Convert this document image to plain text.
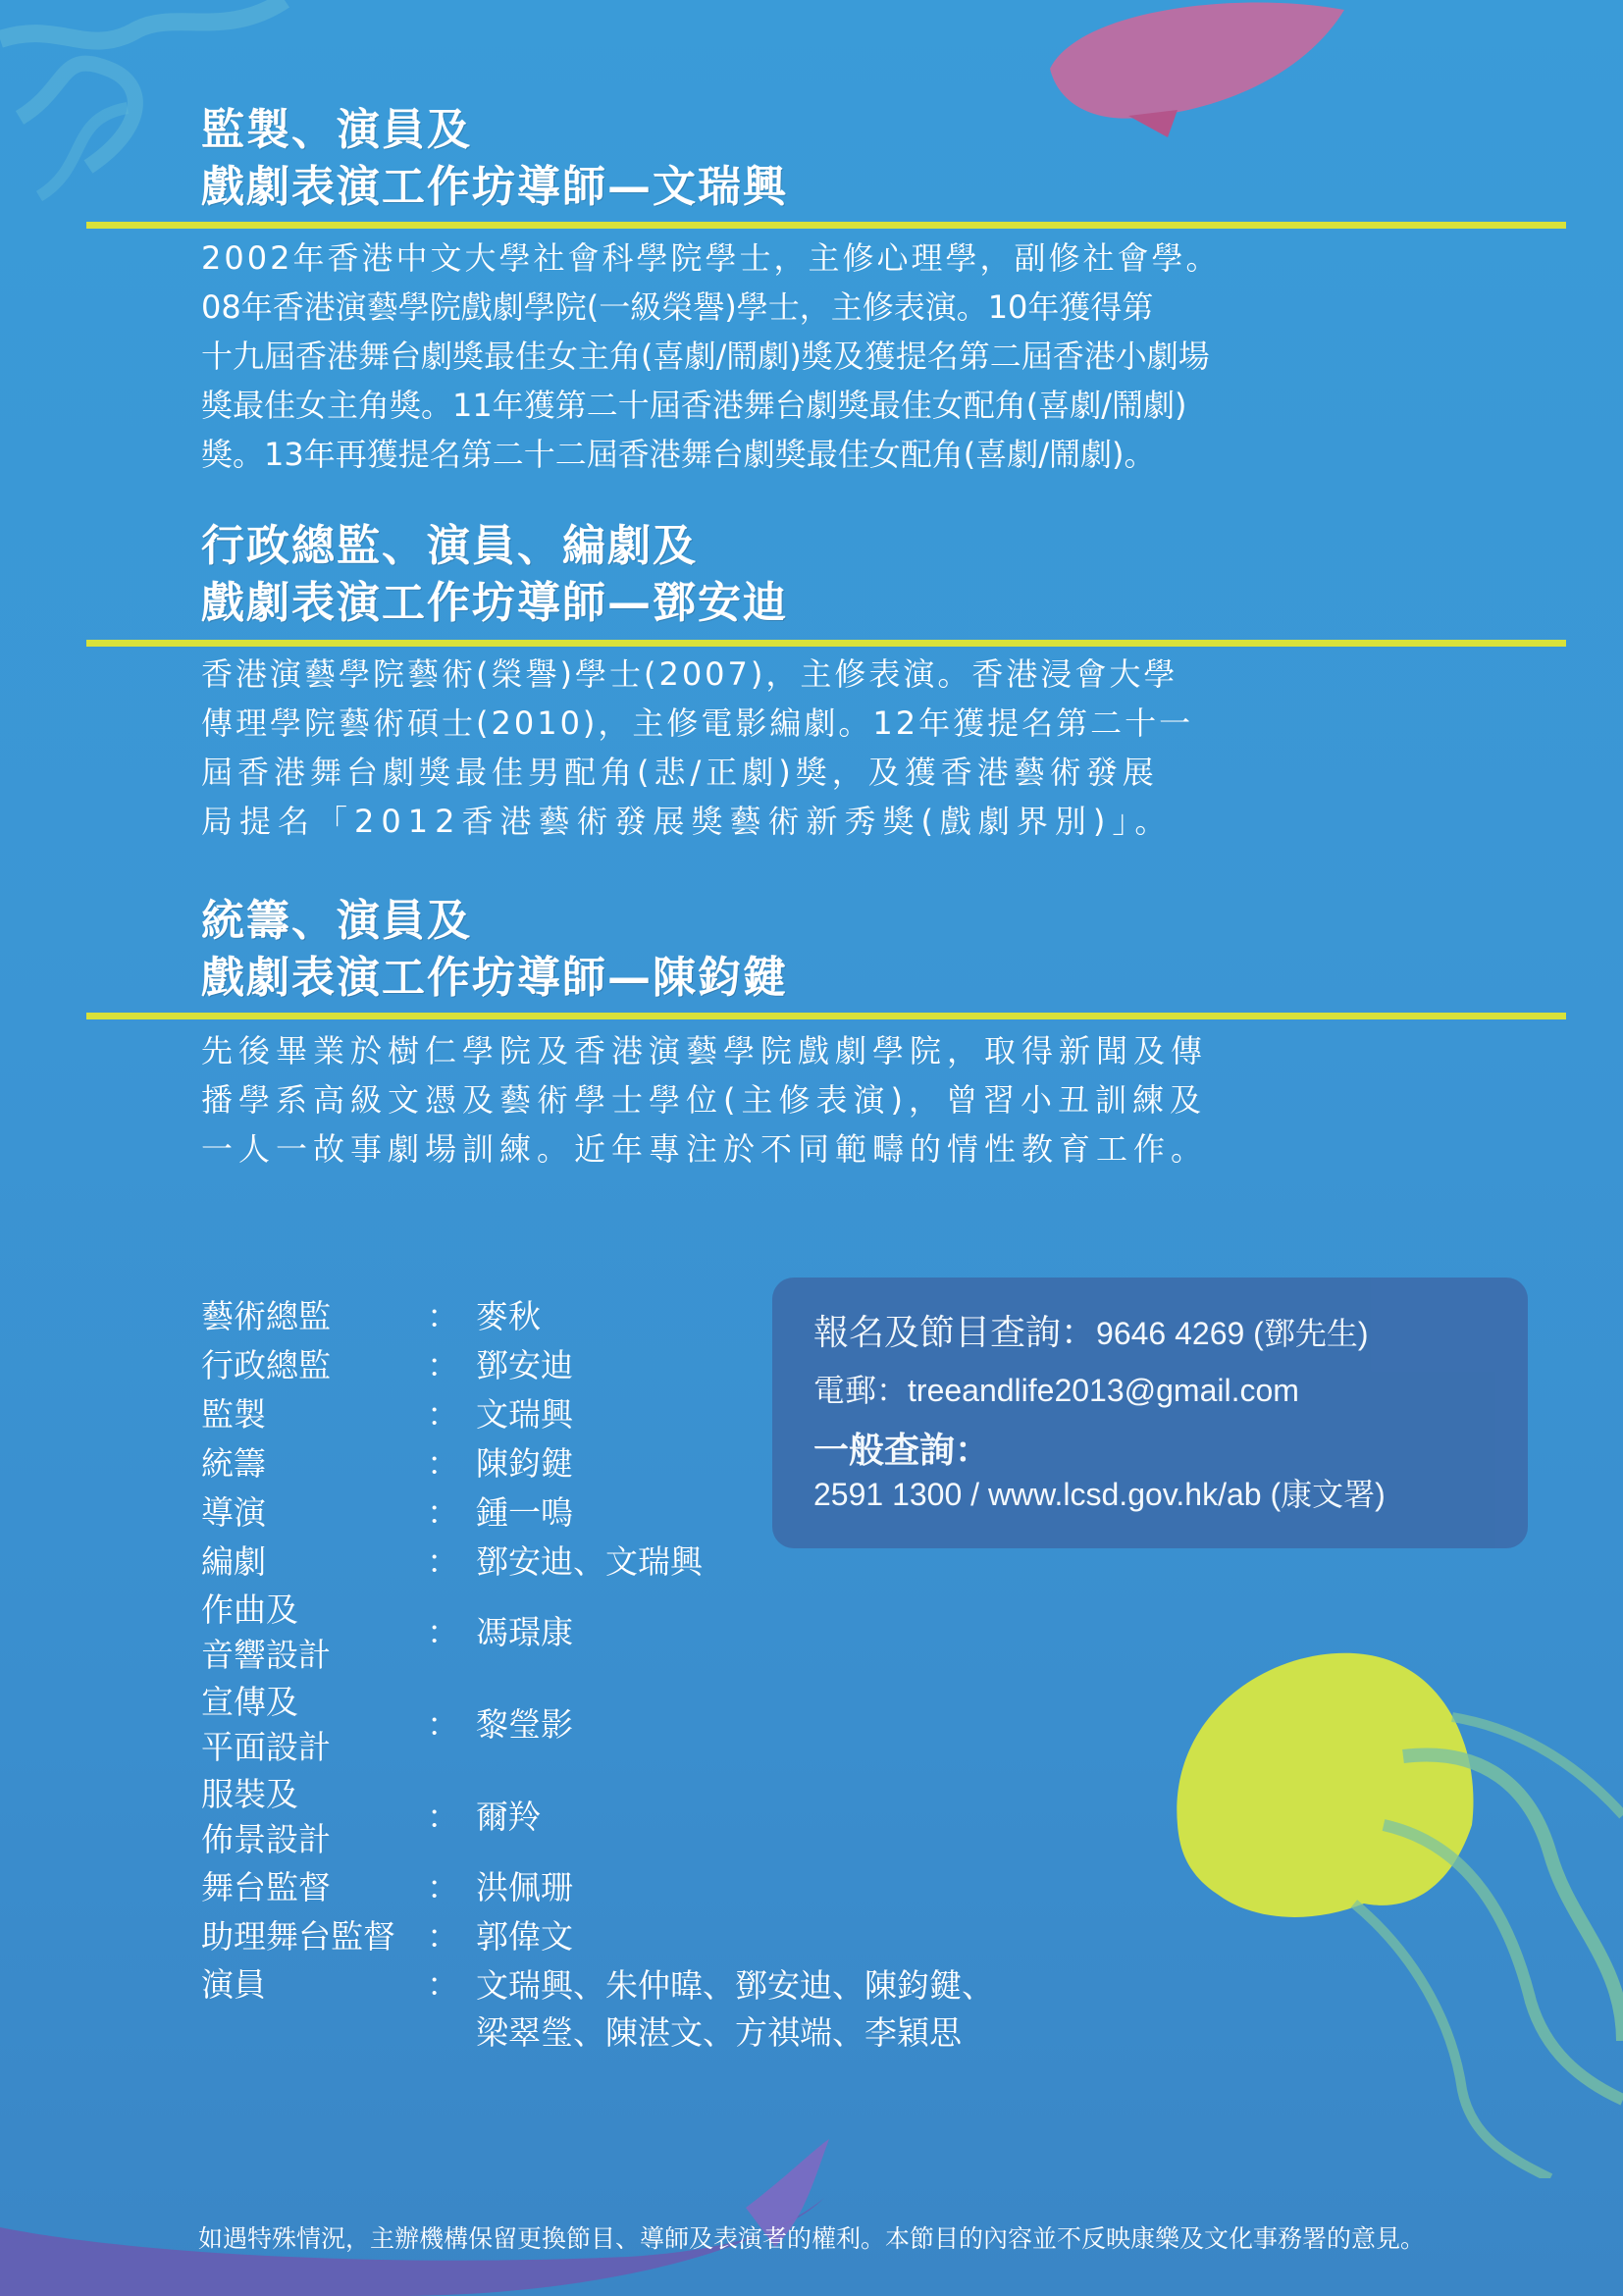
監製、演員及
戲劇表演工作坊導師—文瑞興
2002年香港中文大學社會科學院學士，主修心理學，副修社會學。
08年香港演藝學院戲劇學院(一級榮譽)學士，主修表演。10年獲得第
十九屆香港舞台劇獎最佳女主角(喜劇/鬧劇)獎及獲提名第二屆香港小劇場
獎最佳女主角獎。11年獲第二十屆香港舞台劇獎最佳女配角(喜劇/鬧劇)
獎。13年再獲提名第二十二屆香港舞台劇獎最佳女配角(喜劇/鬧劇)。
行政總監、演員、編劇及
戲劇表演工作坊導師—鄧安迪
香港演藝學院藝術(榮譽)學士(2007)，主修表演。香港浸會大學
傳理學院藝術碩士(2010)，主修電影編劇。12年獲提名第二十一
屆香港舞台劇獎最佳男配角(悲/正劇)獎，及獲香港藝術發展
局提名「2012香港藝術發展獎藝術新秀獎(戲劇界別)」。
統籌、演員及
戲劇表演工作坊導師—陳鈞鍵
先後畢業於樹仁學院及香港演藝學院戲劇學院，取得新聞及傳
播學系高級文憑及藝術學士學位(主修表演)，曾習小丑訓練及
一人一故事劇場訓練。近年專注於不同範疇的情性教育工作。
藝術總監	： 麥秋
行政總監	： 鄧安迪
監製	： 文瑞興
統籌	： 陳鈞鍵
導演	： 鍾一鳴
編劇	： 鄧安迪、文瑞興
作曲及
音響設計
： 馮璟康
宣傳及
平面設計
： 黎瑩影
服裝及
佈景設計
： 爾羚
舞台監督	： 洪佩珊
助理舞台監督 ： 郭偉文
演員	： 文瑞興、朱仲暐、鄧安迪、陳鈞鍵、
梁翠瑩、陳湛文、方祺端、李穎思
報名及節目查詢：9646 4269 (鄧先生)
電郵：treeandlife2013@gmail.com
一般查詢：
2591 1300 / www.lcsd.gov.hk/ab (康文署)

如遇特殊情況，主辦機構保留更換節目、導師及表演者的權利。本節目的內容並不反映康樂及文化事務署的意見。
